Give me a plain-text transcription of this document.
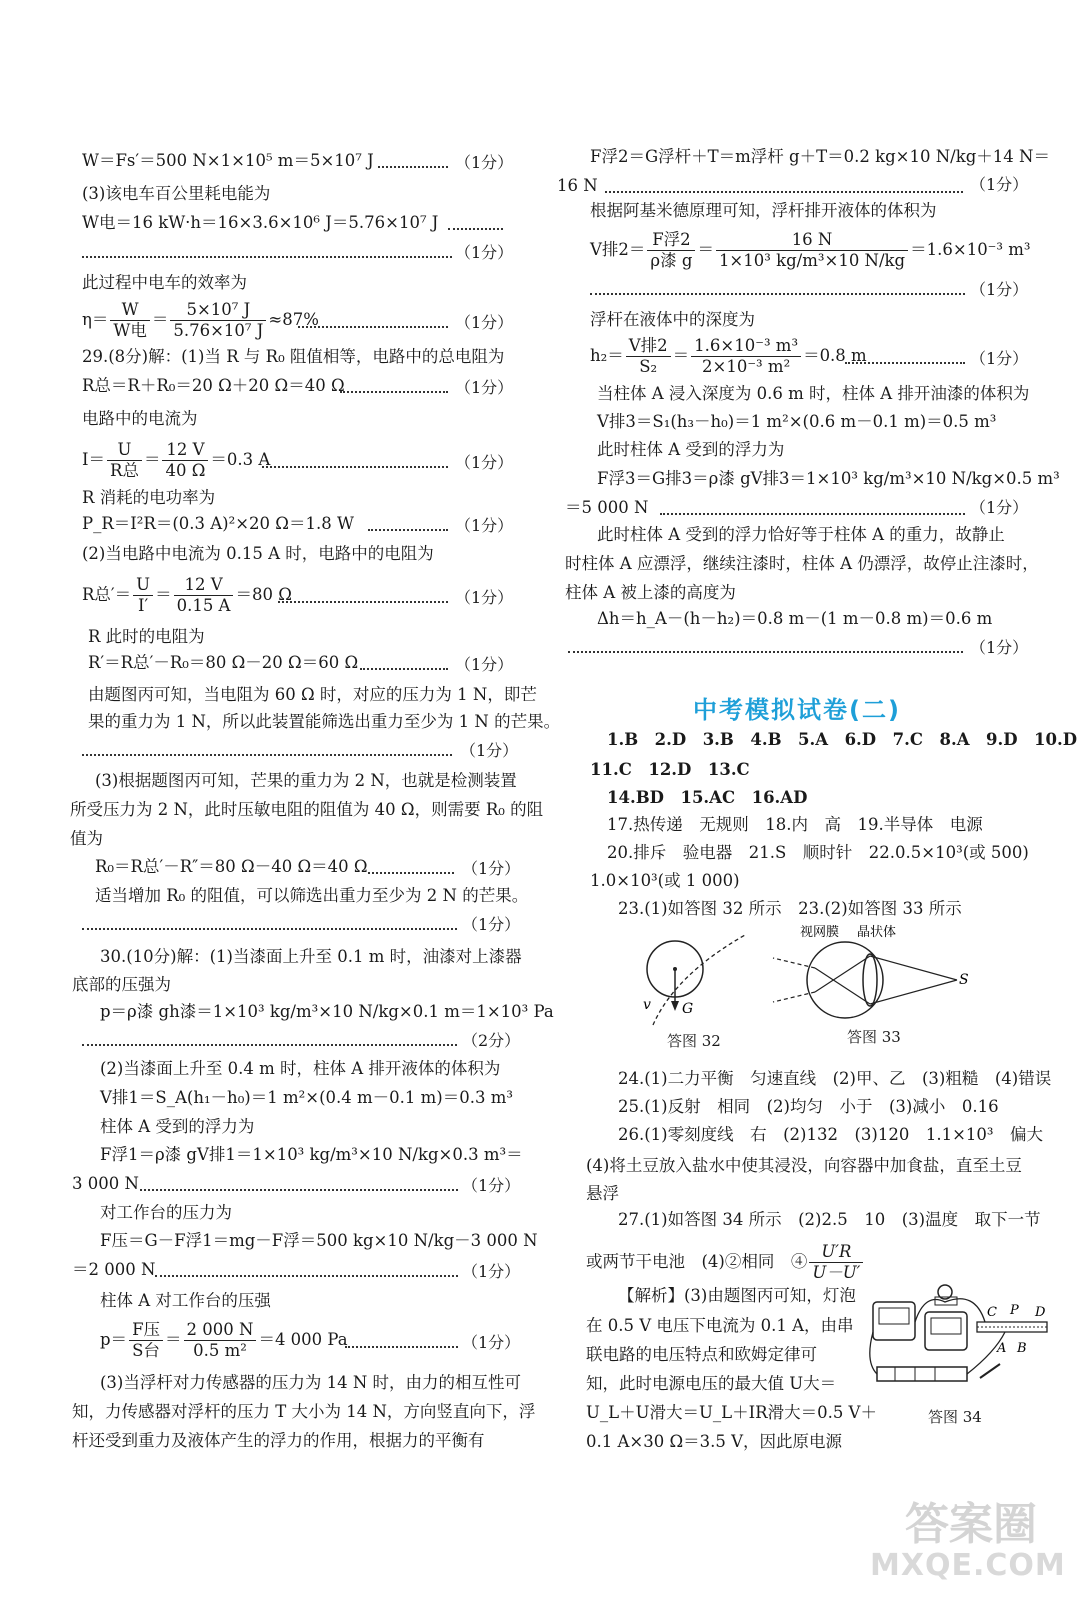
W＝Fs′＝500 N×1×10⁵ m＝5×10⁷ J	（1分）
(3)该电车百公里耗电能为
W电＝16 kW·h＝16×3.6×10⁶ J＝5.76×10⁷ J
（1分）
此过程中电车的效率为
$\eta= \frac{W}{\text{W电}} = \frac{\text{5×10⁷ J}}{\text{5.76×10⁷ J}} \approx 87\%$	（1分）
29.(8分)解：(1)当 R 与 R₀ 阻值相等，电路中的总电阻为
R总＝R＋R₀＝20 Ω＋20 Ω＝40 Ω	（1分）
电路中的电流为
$I= \frac{U}{\text{R总}} = \frac{12 V}{40 \Omega} =0.3$ A	（1分）
R 消耗的电功率为
P_R＝I²R＝(0.3 A)²×20 Ω＝1.8 W	（1分）
(2)当电路中电流为 0.15 A 时，电路中的电阻为
R总′＝ $\frac{U}{I'} = \frac{12 V}{0.15 A} =80$ Ω	（1分）
R 此时的电阻为
R′＝R总′－R₀＝80 Ω－20 Ω＝60 Ω	（1分）
由题图丙可知，当电阻为 60 Ω 时，对应的压力为 1 N，即芒
果的重力为 1 N，所以此装置能筛选出重力至少为 1 N 的芒果。
（1分）
(3)根据题图丙可知，芒果的重力为 2 N，也就是检测装置
所受压力为 2 N，此时压敏电阻的阻值为 40 Ω，则需要 R₀ 的阻
值为
R₀＝R总′－R″＝80 Ω－40 Ω＝40 Ω	（1分）
适当增加 R₀ 的阻值，可以筛选出重力至少为 2 N 的芒果。
（1分）
30.(10分)解：(1)当漆面上升至 0.1 m 时，油漆对上漆器
底部的压强为
p＝ρ漆 gh漆＝1×10³ kg/m³×10 N/kg×0.1 m＝1×10³ Pa
（2分）
(2)当漆面上升至 0.4 m 时，柱体 A 排开液体的体积为
V排1＝S_A(h₁－h₀)＝1 m²×(0.4 m－0.1 m)＝0.3 m³
柱体 A 受到的浮力为
F浮1＝ρ漆 gV排1＝1×10³ kg/m³×10 N/kg×0.3 m³＝
3 000 N	（1分）
对工作台的压力为
F压＝G－F浮1＝mg－F浮＝500 kg×10 N/kg－3 000 N
＝2 000 N	（1分）
柱体 A 对工作台的压强
$p= \frac{\text{F压}}{\text{S台}} = \frac{2 000 N}{\text{0.5 m²}} =4$ 000 Pa	（1分）
(3)当浮杆对力传感器的压力为 14 N 时，由力的相互性可
知，力传感器对浮杆的压力 T 大小为 14 N，方向竖直向下，浮
杆还受到重力及液体产生的浮力的作用，根据力的平衡有
F浮2＝G浮杆＋T＝m浮杆 g＋T＝0.2 kg×10 N/kg＋14 N＝
16 N	（1分）
根据阿基米德原理可知，浮杆排开液体的体积为
V排$2= \frac{\text{F浮2}}{\text{ρ漆 g}} = \frac{16 N}{\text{1×10³ kg/m³×10 N/kg}} =1.6\times 10^{-3}$ m³
（1分）
浮杆在液体中的深度为
$h_2= \frac{\text{V排2}}{\text{S₂}} = \frac{\text{1.6×10⁻³ m³}}{\text{2×10⁻³ m²}} =0.8$ m	（1分）
当柱体 A 浸入深度为 0.6 m 时，柱体 A 排开油漆的体积为
V排3＝S₁(h₃－h₀)＝1 m²×(0.6 m－0.1 m)＝0.5 m³
此时柱体 A 受到的浮力为
F浮3＝G排3＝ρ漆 gV排3＝1×10³ kg/m³×10 N/kg×0.5 m³
＝5 000 N	（1分）
此时柱体 A 受到的浮力恰好等于柱体 A 的重力，故静止
时柱体 A 应漂浮，继续注漆时，柱体 A 仍漂浮，故停止注漆时，
柱体 A 被上漆的高度为
Δh＝h_A－(h－h₂)＝0.8 m－(1 m－0.8 m)＝0.6 m
（1分）
中考模拟试卷(二)
1.B　2.D　3.B　4.B　5.A　6.D　7.C　8.A　9.D　10.D
11.C　12.D　13.C
14.BD　15.AC　16.AD
17.热传递　无规则　18.内　高　19.半导体　电源
20.排斥　验电器　21.S　顺时针　22.0.5×10³(或 500)
1.0×10³(或 1 000)
23.(1)如答图 32 所示　23.(2)如答图 33 所示
G
v
答图 32
视网膜 晶状体
S
答图 33
24.(1)二力平衡　匀速直线　(2)甲、乙　(3)粗糙　(4)错误
25.(1)反射　相同　(2)均匀　小于　(3)减小　0.16
26.(1)零刻度线　右　(2)132　(3)120　1.1×10³　偏大
(4)将土豆放入盐水中使其浸没，向容器中加食盐，直至土豆
悬浮
27.(1)如答图 34 所示　(2)2.5　10　(3)温度　取下一节
或两节干电池　(4)②相同　④ $\frac{U'R}{U-U'}$
【解析】(3)由题图丙可知，灯泡
在 0.5 V 电压下电流为 0.1 A，由串
联电路的电压特点和欧姆定律可
知，此时电源电压的最大值 U大＝
U_L＋U滑大＝U_L＋IR滑大＝0.5 V＋
0.1 A×30 Ω＝3.5 V，因此原电源
C P D
A B
答图 34
答案圈
MXQE.COM
